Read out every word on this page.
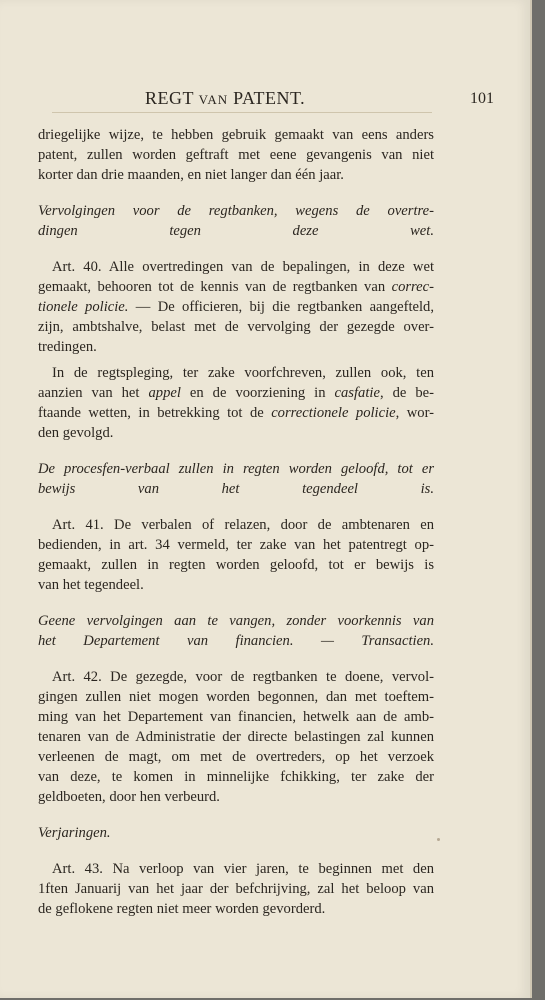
REGT VAN PATENT.	101

driegelijke wijze, te hebben gebruik gemaakt van eens anders

patent, zullen worden geftraft met eene gevangenis van niet

korter dan drie maanden, en niet langer dan één jaar.

Vervolgingen voor de regtbanken, wegens de overtre-

dingen tegen deze wet.

Art. 40. Alle overtredingen van de bepalingen, in deze wet

gemaakt, behooren tot de kennis van de regtbanken van correc-

tionele policie. — De officieren, bij die regtbanken aangefteld,

zijn, ambtshalve, belast met de vervolging der gezegde over-

tredingen.

In de regtspleging, ter zake voorfchreven, zullen ook, ten

aanzien van het appel en de voorziening in casfatie, de be-

ftaande wetten, in betrekking tot de correctionele policie, wor-

den gevolgd.

De procesfen-verbaal zullen in regten worden geloofd, tot er

bewijs van het tegendeel is.

Art. 41. De verbalen of relazen, door de ambtenaren en

bedienden, in art. 34 vermeld, ter zake van het patentregt op-

gemaakt, zullen in regten worden geloofd, tot er bewijs is

van het tegendeel.

Geene vervolgingen aan te vangen, zonder voorkennis van

het Departement van financien. — Transactien.

Art. 42. De gezegde, voor de regtbanken te doene, vervol-

gingen zullen niet mogen worden begonnen, dan met toeftem-

ming van het Departement van financien, hetwelk aan de amb-

tenaren van de Administratie der directe belastingen zal kunnen

verleenen de magt, om met de overtreders, op het verzoek

van deze, te komen in minnelijke fchikking, ter zake der

geldboeten, door hen verbeurd.

Verjaringen.

Art. 43. Na verloop van vier jaren, te beginnen met den

1ften Januarij van het jaar der befchrijving, zal het beloop van

de geflokene regten niet meer worden gevorderd.
